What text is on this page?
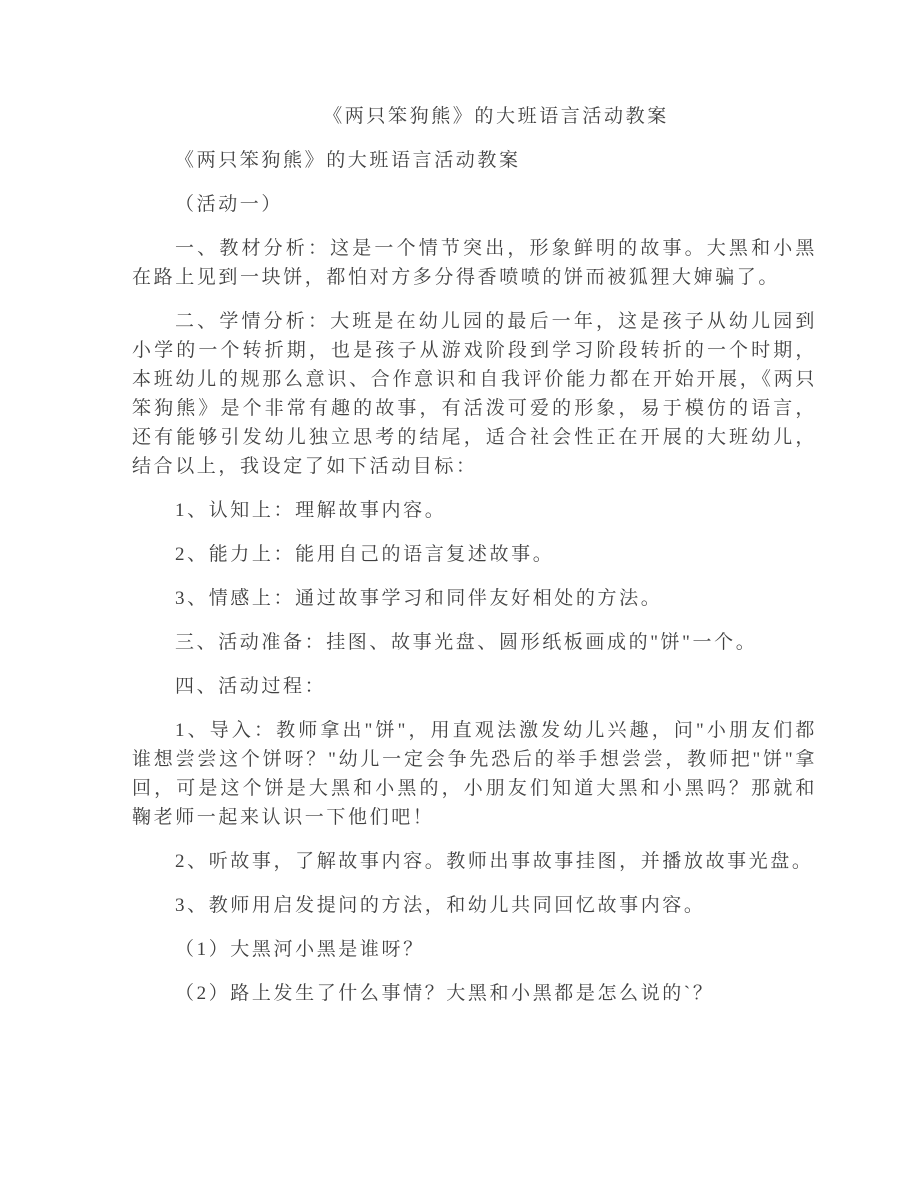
《两只笨狗熊》的大班语言活动教案

《两只笨狗熊》的大班语言活动教案

（活动一）

一、教材分析：这是一个情节突出，形象鲜明的故事。大黑和小黑在路上见到一块饼，都怕对方多分得香喷喷的饼而被狐狸大婶骗了。

二、学情分析：大班是在幼儿园的最后一年，这是孩子从幼儿园到小学的一个转折期，也是孩子从游戏阶段到学习阶段转折的一个时期，本班幼儿的规那么意识、合作意识和自我评价能力都在开始开展，《两只笨狗熊》是个非常有趣的故事，有活泼可爱的形象，易于模仿的语言，还有能够引发幼儿独立思考的结尾，适合社会性正在开展的大班幼儿，结合以上，我设定了如下活动目标：

1、认知上：理解故事内容。

2、能力上：能用自己的语言复述故事。

3、情感上：通过故事学习和同伴友好相处的方法。

三、活动准备：挂图、故事光盘、圆形纸板画成的"饼"一个。

四、活动过程：

1、导入：教师拿出"饼"，用直观法激发幼儿兴趣，问"小朋友们都谁想尝尝这个饼呀？"幼儿一定会争先恐后的举手想尝尝，教师把"饼"拿回，可是这个饼是大黑和小黑的，小朋友们知道大黑和小黑吗？那就和鞠老师一起来认识一下他们吧！

2、听故事，了解故事内容。教师出事故事挂图，并播放故事光盘。

3、教师用启发提问的方法，和幼儿共同回忆故事内容。

（1）大黑河小黑是谁呀？

（2）路上发生了什么事情？大黑和小黑都是怎么说的`？
